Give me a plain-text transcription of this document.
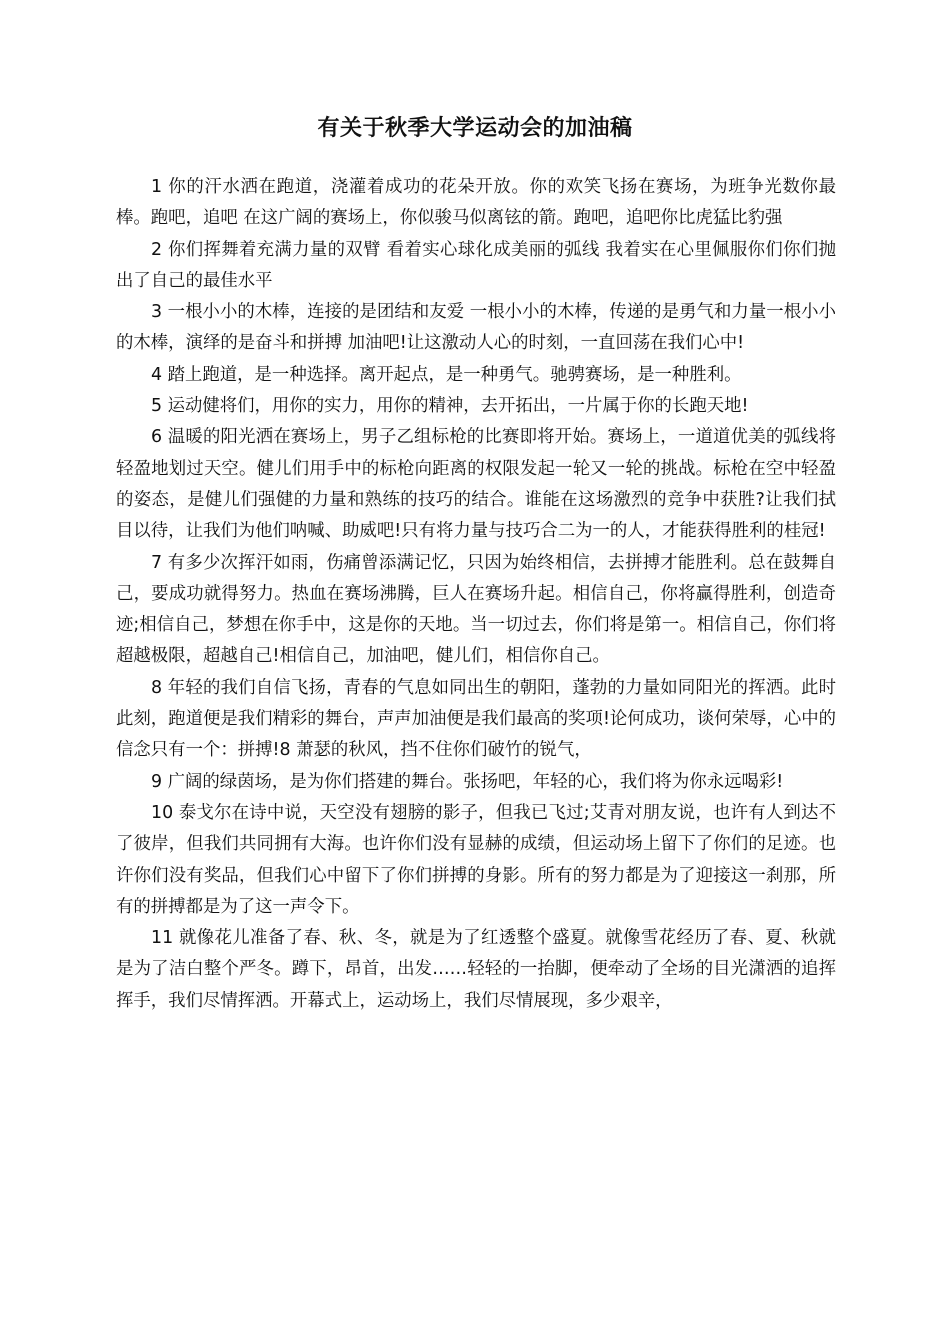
有关于秋季大学运动会的加油稿

1 你的汗水洒在跑道，浇灌着成功的花朵开放。你的欢笑飞扬在赛场，为班争光数你最棒。跑吧，追吧 在这广阔的赛场上，你似骏马似离铉的箭。跑吧，追吧你比虎猛比豹强

2 你们挥舞着充满力量的双臂 看着实心球化成美丽的弧线 我着实在心里佩服你们你们抛出了自己的最佳水平

3 一根小小的木棒，连接的是团结和友爱 一根小小的木棒，传递的是勇气和力量一根小小的木棒，演绎的是奋斗和拼搏 加油吧!让这激动人心的时刻，一直回荡在我们心中!

4 踏上跑道，是一种选择。离开起点，是一种勇气。驰骋赛场，是一种胜利。

5 运动健将们，用你的实力，用你的精神，去开拓出，一片属于你的长跑天地!

6 温暖的阳光洒在赛场上，男子乙组标枪的比赛即将开始。赛场上，一道道优美的弧线将轻盈地划过天空。健儿们用手中的标枪向距离的权限发起一轮又一轮的挑战。标枪在空中轻盈的姿态，是健儿们强健的力量和熟练的技巧的结合。谁能在这场激烈的竞争中获胜?让我们拭目以待，让我们为他们呐喊、助威吧!只有将力量与技巧合二为一的人，才能获得胜利的桂冠!

7 有多少次挥汗如雨，伤痛曾添满记忆，只因为始终相信，去拼搏才能胜利。总在鼓舞自己，要成功就得努力。热血在赛场沸腾，巨人在赛场升起。相信自己，你将赢得胜利，创造奇迹;相信自己，梦想在你手中，这是你的天地。当一切过去，你们将是第一。相信自己，你们将超越极限，超越自己!相信自己，加油吧，健儿们，相信你自己。

8 年轻的我们自信飞扬，青春的气息如同出生的朝阳，蓬勃的力量如同阳光的挥洒。此时此刻，跑道便是我们精彩的舞台，声声加油便是我们最高的奖项!论何成功，谈何荣辱，心中的信念只有一个：拼搏!8 萧瑟的秋风，挡不住你们破竹的锐气，

9 广阔的绿茵场，是为你们搭建的舞台。张扬吧，年轻的心，我们将为你永远喝彩!

10 泰戈尔在诗中说，天空没有翅膀的影子，但我已飞过;艾青对朋友说，也许有人到达不了彼岸，但我们共同拥有大海。也许你们没有显赫的成绩，但运动场上留下了你们的足迹。也许你们没有奖品，但我们心中留下了你们拼搏的身影。所有的努力都是为了迎接这一刹那，所有的拼搏都是为了这一声令下。

11 就像花儿准备了春、秋、冬，就是为了红透整个盛夏。就像雪花经历了春、夏、秋就是为了洁白整个严冬。蹲下，昂首，出发……轻轻的一抬脚，便牵动了全场的目光潇洒的追挥挥手，我们尽情挥洒。开幕式上，运动场上，我们尽情展现，多少艰辛，
